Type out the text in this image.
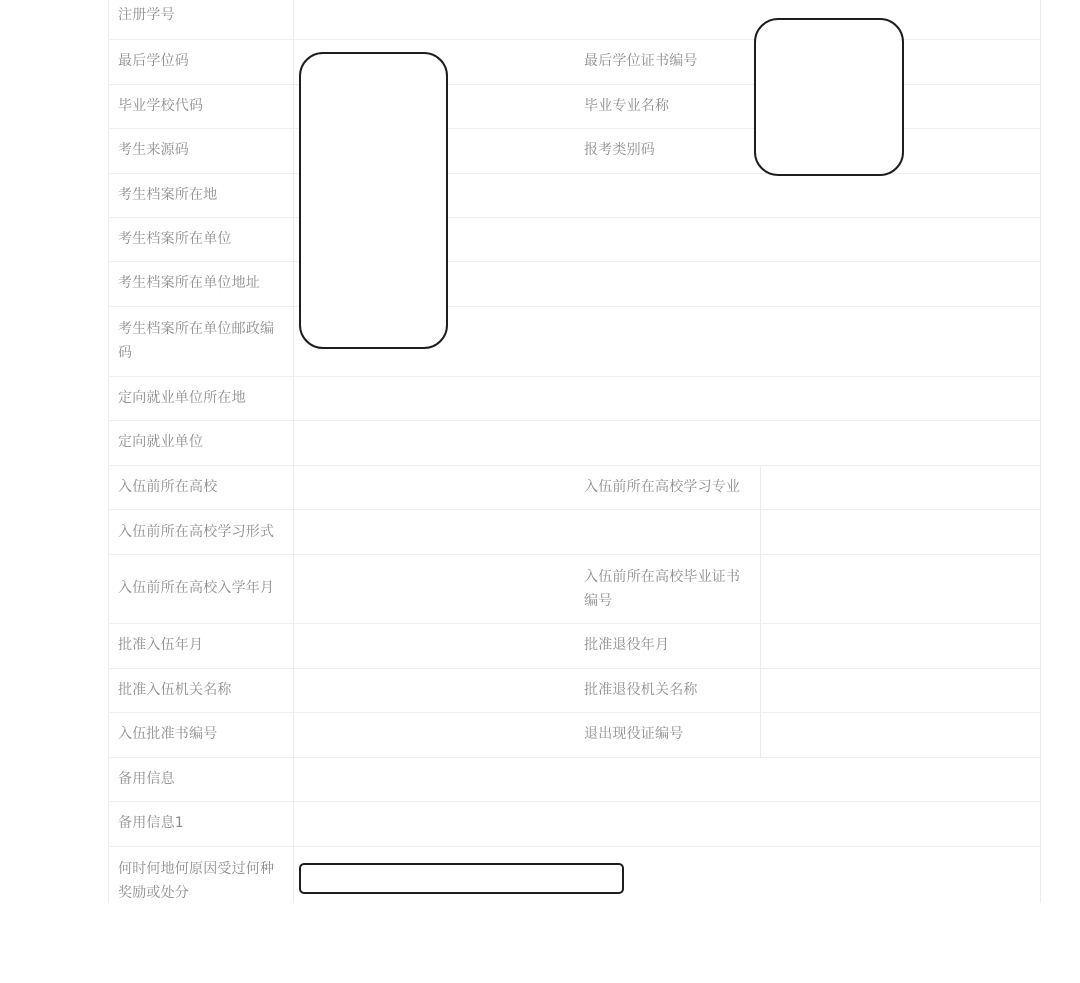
注册学号
最后学位码
毕业学校代码
考生来源码
考生档案所在地
考生档案所在单位
考生档案所在单位地址
考生档案所在单位邮政编码
定向就业单位所在地
定向就业单位
入伍前所在高校
入伍前所在高校学习形式
入伍前所在高校入学年月
批准入伍年月
批准入伍机关名称
入伍批准书编号
备用信息
备用信息1
何时何地何原因受过何种奖励或处分
最后学位证书编号
毕业专业名称
报考类别码
入伍前所在高校学习专业
入伍前所在高校毕业证书编号
批准退役年月
批准退役机关名称
退出现役证编号
